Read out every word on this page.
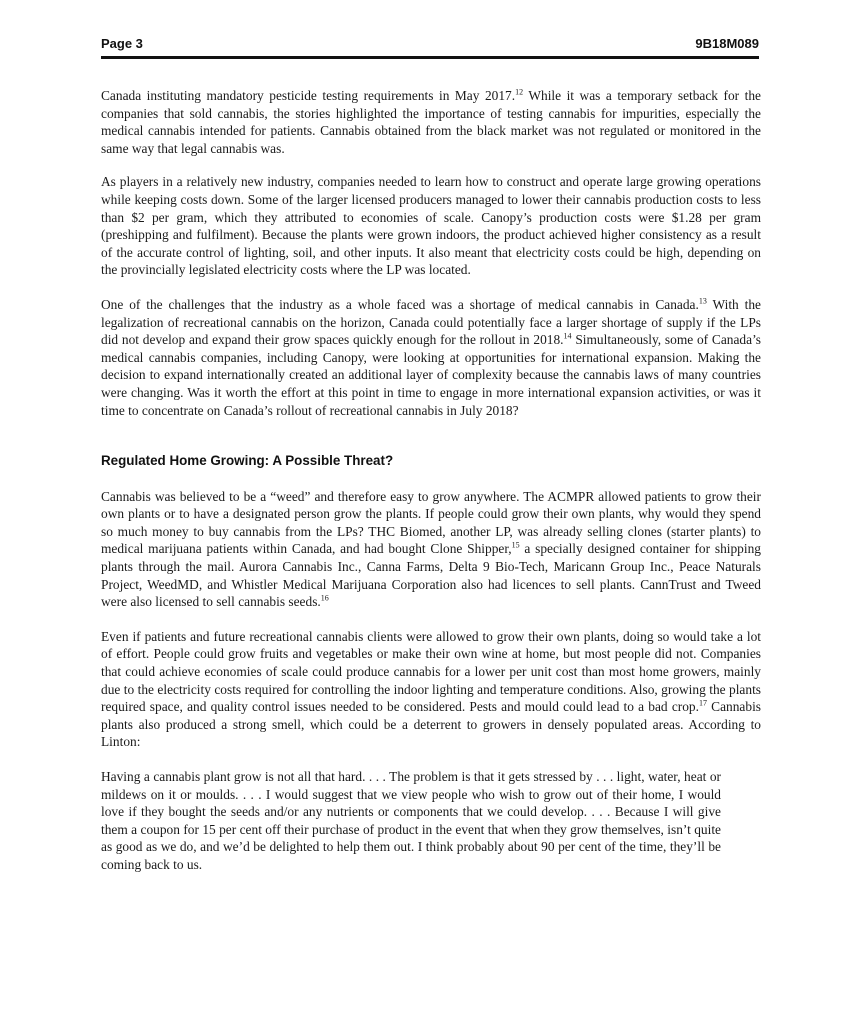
Page 3	9B18M089

Canada instituting mandatory pesticide testing requirements in May 2017.12 While it was a temporary setback for the companies that sold cannabis, the stories highlighted the importance of testing cannabis for impurities, especially the medical cannabis intended for patients. Cannabis obtained from the black market was not regulated or monitored in the same way that legal cannabis was.

As players in a relatively new industry, companies needed to learn how to construct and operate large growing operations while keeping costs down. Some of the larger licensed producers managed to lower their cannabis production costs to less than $2 per gram, which they attributed to economies of scale. Canopy’s production costs were $1.28 per gram (preshipping and fulfilment). Because the plants were grown indoors, the product achieved higher consistency as a result of the accurate control of lighting, soil, and other inputs. It also meant that electricity costs could be high, depending on the provincially legislated electricity costs where the LP was located.

One of the challenges that the industry as a whole faced was a shortage of medical cannabis in Canada.$^{13}$ With the legalization of recreational cannabis on the horizon, Canada could potentially face a larger shortage of supply if the LPs did not develop and expand their grow spaces quickly enough for the rollout in 2018.14 Simultaneously, some of Canada’s medical cannabis companies, including Canopy, were looking at opportunities for international expansion. Making the decision to expand internationally created an additional layer of complexity because the cannabis laws of many countries were changing. Was it worth the effort at this point in time to engage in more international expansion activities, or was it time to concentrate on Canada’s rollout of recreational cannabis in July 2018?

Regulated Home Growing: A Possible Threat?

Cannabis was believed to be a “weed” and therefore easy to grow anywhere. The ACMPR allowed patients to grow their own plants or to have a designated person grow the plants. If people could grow their own plants, why would they spend so much money to buy cannabis from the LPs? THC Biomed, another LP, was already selling clones (starter plants) to medical marijuana patients within Canada, and had bought Clone Shipper,$^{15}$ a specially designed container for shipping plants through the mail. Aurora Cannabis Inc., Canna Farms, Delta 9 Bio-Tech, Maricann Group Inc., Peace Naturals Project, WeedMD, and Whistler Medical Marijuana Corporation also had licences to sell plants. CannTrust and Tweed were also licensed to sell cannabis seeds.$^{16}$

Even if patients and future recreational cannabis clients were allowed to grow their own plants, doing so would take a lot of effort. People could grow fruits and vegetables or make their own wine at home, but most people did not. Companies that could achieve economies of scale could produce cannabis for a lower per unit cost than most home growers, mainly due to the electricity costs required for controlling the indoor lighting and temperature conditions. Also, growing the plants required space, and quality control issues needed to be considered. Pests and mould could lead to a bad crop.$^{17}$ Cannabis plants also produced a strong smell, which could be a deterrent to growers in densely populated areas. According to Linton:

Having a cannabis plant grow is not all that hard. . . . The problem is that it gets stressed by . . . light, water, heat or mildews on it or moulds. . . . I would suggest that we view people who wish to grow out of their home, I would love if they bought the seeds and/or any nutrients or components that we could develop. . . . Because I will give them a coupon for 15 per cent off their purchase of product in the event that when they grow themselves, isn’t quite as good as we do, and we’d be delighted to help them out. I think probably about 90 per cent of the time, they’ll be coming back to us.
